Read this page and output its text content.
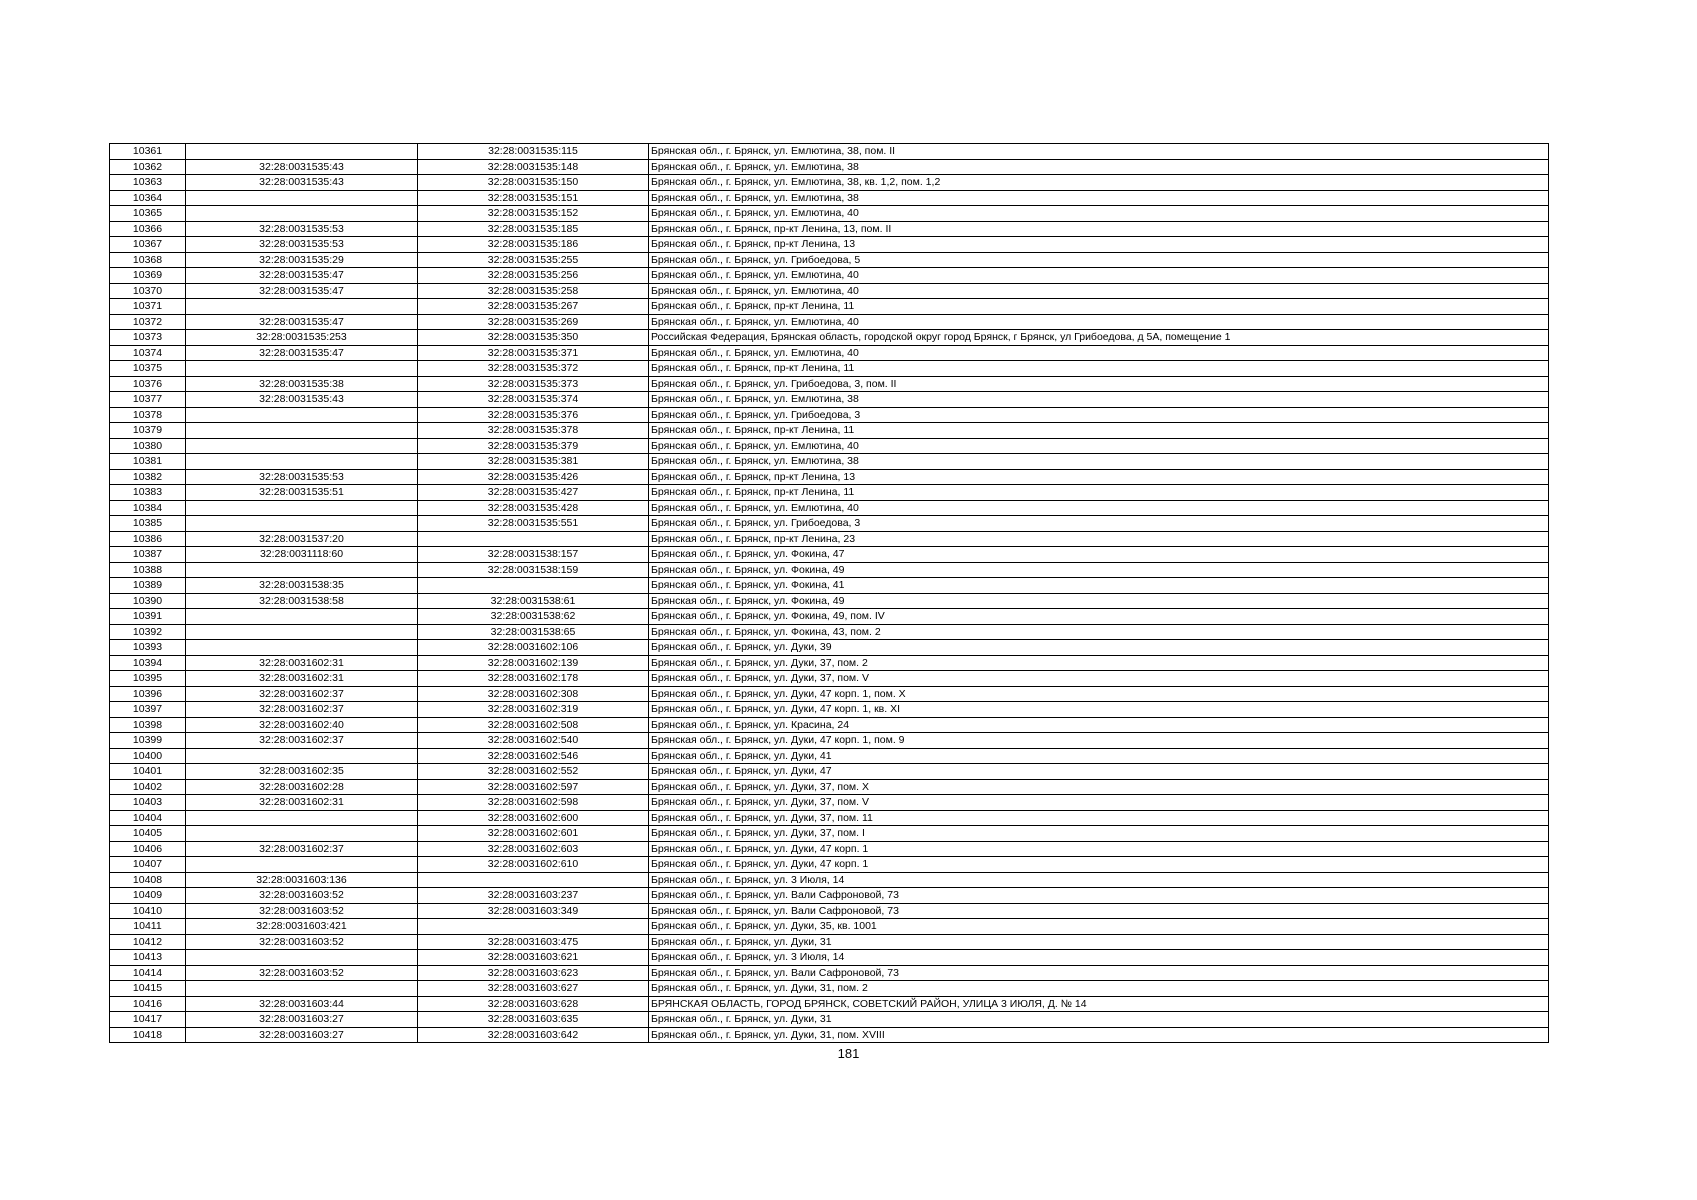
10361		32:28:0031535:115	Брянская обл., г. Брянск, ул. Емлютина, 38, пом. II
10362	32:28:0031535:43	32:28:0031535:148	Брянская обл., г. Брянск, ул. Емлютина, 38
10363	32:28:0031535:43	32:28:0031535:150	Брянская обл., г. Брянск, ул. Емлютина, 38, кв. 1,2, пом. 1,2
10364		32:28:0031535:151	Брянская обл., г. Брянск, ул. Емлютина, 38
10365		32:28:0031535:152	Брянская обл., г. Брянск, ул. Емлютина, 40
10366	32:28:0031535:53	32:28:0031535:185	Брянская обл., г. Брянск, пр-кт Ленина, 13, пом. II
10367	32:28:0031535:53	32:28:0031535:186	Брянская обл., г. Брянск, пр-кт Ленина, 13
10368	32:28:0031535:29	32:28:0031535:255	Брянская обл., г. Брянск, ул. Грибоедова, 5
10369	32:28:0031535:47	32:28:0031535:256	Брянская обл., г. Брянск, ул. Емлютина, 40
10370	32:28:0031535:47	32:28:0031535:258	Брянская обл., г. Брянск, ул. Емлютина, 40
10371		32:28:0031535:267	Брянская обл., г. Брянск, пр-кт Ленина, 11
10372	32:28:0031535:47	32:28:0031535:269	Брянская обл., г. Брянск, ул. Емлютина, 40
10373	32:28:0031535:253	32:28:0031535:350	Российская Федерация, Брянская область, городской округ город Брянск, г Брянск, ул Грибоедова, д 5А, помещение 1
10374	32:28:0031535:47	32:28:0031535:371	Брянская обл., г. Брянск, ул. Емлютина, 40
10375		32:28:0031535:372	Брянская обл., г. Брянск, пр-кт Ленина, 11
10376	32:28:0031535:38	32:28:0031535:373	Брянская обл., г. Брянск, ул. Грибоедова, 3, пом. II
10377	32:28:0031535:43	32:28:0031535:374	Брянская обл., г. Брянск, ул. Емлютина, 38
10378		32:28:0031535:376	Брянская обл., г. Брянск, ул. Грибоедова, 3
10379		32:28:0031535:378	Брянская обл., г. Брянск, пр-кт Ленина, 11
10380		32:28:0031535:379	Брянская обл., г. Брянск, ул. Емлютина, 40
10381		32:28:0031535:381	Брянская обл., г. Брянск, ул. Емлютина, 38
10382	32:28:0031535:53	32:28:0031535:426	Брянская обл., г. Брянск, пр-кт Ленина, 13
10383	32:28:0031535:51	32:28:0031535:427	Брянская обл., г. Брянск, пр-кт Ленина, 11
10384		32:28:0031535:428	Брянская обл., г. Брянск, ул. Емлютина, 40
10385		32:28:0031535:551	Брянская обл., г. Брянск, ул. Грибоедова, 3
10386	32:28:0031537:20		Брянская обл., г. Брянск, пр-кт Ленина, 23
10387	32:28:0031118:60	32:28:0031538:157	Брянская обл., г. Брянск, ул. Фокина, 47
10388		32:28:0031538:159	Брянская обл., г. Брянск, ул. Фокина, 49
10389	32:28:0031538:35		Брянская обл., г. Брянск, ул. Фокина, 41
10390	32:28:0031538:58	32:28:0031538:61	Брянская обл., г. Брянск, ул. Фокина, 49
10391		32:28:0031538:62	Брянская обл., г. Брянск, ул. Фокина, 49, пом. IV
10392		32:28:0031538:65	Брянская обл., г. Брянск, ул. Фокина, 43, пом. 2
10393		32:28:0031602:106	Брянская обл., г. Брянск, ул. Дуки, 39
10394	32:28:0031602:31	32:28:0031602:139	Брянская обл., г. Брянск, ул. Дуки, 37, пом. 2
10395	32:28:0031602:31	32:28:0031602:178	Брянская обл., г. Брянск, ул. Дуки, 37, пом. V
10396	32:28:0031602:37	32:28:0031602:308	Брянская обл., г. Брянск, ул. Дуки, 47 корп. 1, пом. X
10397	32:28:0031602:37	32:28:0031602:319	Брянская обл., г. Брянск, ул. Дуки, 47 корп. 1, кв. XI
10398	32:28:0031602:40	32:28:0031602:508	Брянская обл., г. Брянск, ул. Красина, 24
10399	32:28:0031602:37	32:28:0031602:540	Брянская обл., г. Брянск, ул. Дуки, 47 корп. 1, пом. 9
10400		32:28:0031602:546	Брянская обл., г. Брянск, ул. Дуки, 41
10401	32:28:0031602:35	32:28:0031602:552	Брянская обл., г. Брянск, ул. Дуки, 47
10402	32:28:0031602:28	32:28:0031602:597	Брянская обл., г. Брянск, ул. Дуки, 37, пом. X
10403	32:28:0031602:31	32:28:0031602:598	Брянская обл., г. Брянск, ул. Дуки, 37, пом. V
10404		32:28:0031602:600	Брянская обл., г. Брянск, ул. Дуки, 37, пом. 11
10405		32:28:0031602:601	Брянская обл., г. Брянск, ул. Дуки, 37, пом. I
10406	32:28:0031602:37	32:28:0031602:603	Брянская обл., г. Брянск, ул. Дуки, 47 корп. 1
10407		32:28:0031602:610	Брянская обл., г. Брянск, ул. Дуки, 47 корп. 1
10408	32:28:0031603:136		Брянская обл., г. Брянск, ул. 3 Июля, 14
10409	32:28:0031603:52	32:28:0031603:237	Брянская обл., г. Брянск, ул. Вали Сафроновой, 73
10410	32:28:0031603:52	32:28:0031603:349	Брянская обл., г. Брянск, ул. Вали Сафроновой, 73
10411	32:28:0031603:421		Брянская обл., г. Брянск, ул. Дуки, 35, кв. 1001
10412	32:28:0031603:52	32:28:0031603:475	Брянская обл., г. Брянск, ул. Дуки, 31
10413		32:28:0031603:621	Брянская обл., г. Брянск, ул. 3 Июля, 14
10414	32:28:0031603:52	32:28:0031603:623	Брянская обл., г. Брянск, ул. Вали Сафроновой, 73
10415		32:28:0031603:627	Брянская обл., г. Брянск, ул. Дуки, 31, пом. 2
10416	32:28:0031603:44	32:28:0031603:628	БРЯНСКАЯ ОБЛАСТЬ, ГОРОД БРЯНСК, СОВЕТСКИЙ РАЙОН, УЛИЦА 3 ИЮЛЯ, Д. № 14
10417	32:28:0031603:27	32:28:0031603:635	Брянская обл., г. Брянск, ул. Дуки, 31
10418	32:28:0031603:27	32:28:0031603:642	Брянская обл., г. Брянск, ул. Дуки, 31, пом. XVIII
181
